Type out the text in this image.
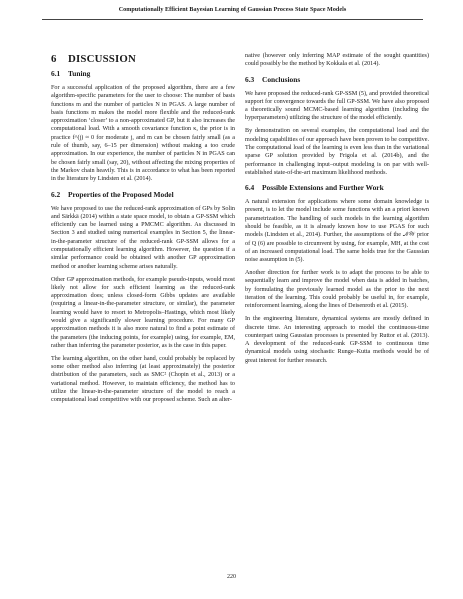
Computationally Efficient Bayesian Learning of Gaussian Process State Space Models
6 DISCUSSION
6.1 Tuning

For a successful application of the proposed algorithm, there are a few algorithm-specific parameters for the user to choose: The number of basis functions m and the number of particles N in PGAS. A large number of basis functions m makes the model more flexible and the reduced-rank approximation ‘closer’ to a non-approximated GP, but it also increases the computational load. With a smooth covariance function κ, the prior is in practice f^(j) ≈ 0 for moderate j, and m can be chosen fairly small (as a rule of thumb, say, 6–15 per dimension) without making a too crude approximation. In our experience, the number of particles N in PGAS can be chosen fairly small (say, 20), without affecting the mixing properties of the Markov chain heavily. This is in accordance to what has been reported in the literature by Lindsten et al. (2014).

6.2 Properties of the Proposed Model

We have proposed to use the reduced-rank approximation of GPs by Solin and Särkkä (2014) within a state space model, to obtain a GP-SSM which efficiently can be learned using a PMCMC algorithm. As discussed in Section 3 and studied using numerical examples in Section 5, the linear-in-the-parameter structure of the reduced-rank GP-SSM allows for a computationally efficient learning algorithm. However, the question if a similar performance could be obtained with another GP approximation method or another learning scheme arises naturally.

Other GP approximation methods, for example pseudo-inputs, would most likely not allow for such efficient learning as the reduced-rank approximation does; unless closed-form Gibbs updates are available (requiring a linear-in-the-parameter structure, or similar), the parameter learning would have to resort to Metropolis–Hastings, which most likely would give a significantly slower learning procedure. For many GP approximation methods it is also more natural to find a point estimate of the parameters (the inducing points, for example) using, for example, EM, rather than inferring the parameter posterior, as is the case in this paper.

The learning algorithm, on the other hand, could probably be replaced by some other method also inferring (at least approximately) the posterior distribution of the parameters, such as SMC² (Chopin et al., 2013) or a variational method. However, to maintain efficiency, the method has to utilize the linear-in-the-parameter structure of the model to reach a computational load competitive with our proposed scheme. Such an alter-

native (however only inferring MAP estimate of the sought quantities) could possibly be the method by Kokkala et al. (2014).

6.3 Conclusions

We have proposed the reduced-rank GP-SSM (5), and provided theoretical support for convergence towards the full GP-SSM. We have also proposed a theoretically sound MCMC-based learning algorithm (including the hyperparameters) utilizing the structure of the model efficiently.

By demonstration on several examples, the computational load and the modeling capabilities of our approach have been proven to be competitive. The computational load of the learning is even less than in the variational sparse GP solution provided by Frigola et al. (2014b), and the performance in challenging input–output modeling is on par with well-established state-of-the-art maximum likelihood methods.

6.4 Possible Extensions and Further Work

A natural extension for applications where some domain knowledge is present, is to let the model include some functions with an a priori known parametrization. The handling of such models in the learning algorithm should be feasible, as it is already known how to use PGAS for such models (Lindsten et al., 2014). Further, the assumptions of the 𝒩𝒲 prior of Q (6) are possible to circumvent by using, for example, MH, at the cost of an increased computational load. The same holds true for the Gaussian noise assumption in (5).

Another direction for further work is to adapt the process to be able to sequentially learn and improve the model when data is added in batches, by formulating the previously learned model as the prior to the next iteration of the learning. This could probably be useful in, for example, reinforcement learning, along the lines of Deisenroth et al. (2015).

In the engineering literature, dynamical systems are mostly defined in discrete time. An interesting approach to model the continuous-time counterpart using Gaussian processes is presented by Ruttor et al. (2013). A development of the reduced-rank GP-SSM to continuous time dynamical models using stochastic Runge–Kutta methods would be of great interest for further research.

220
